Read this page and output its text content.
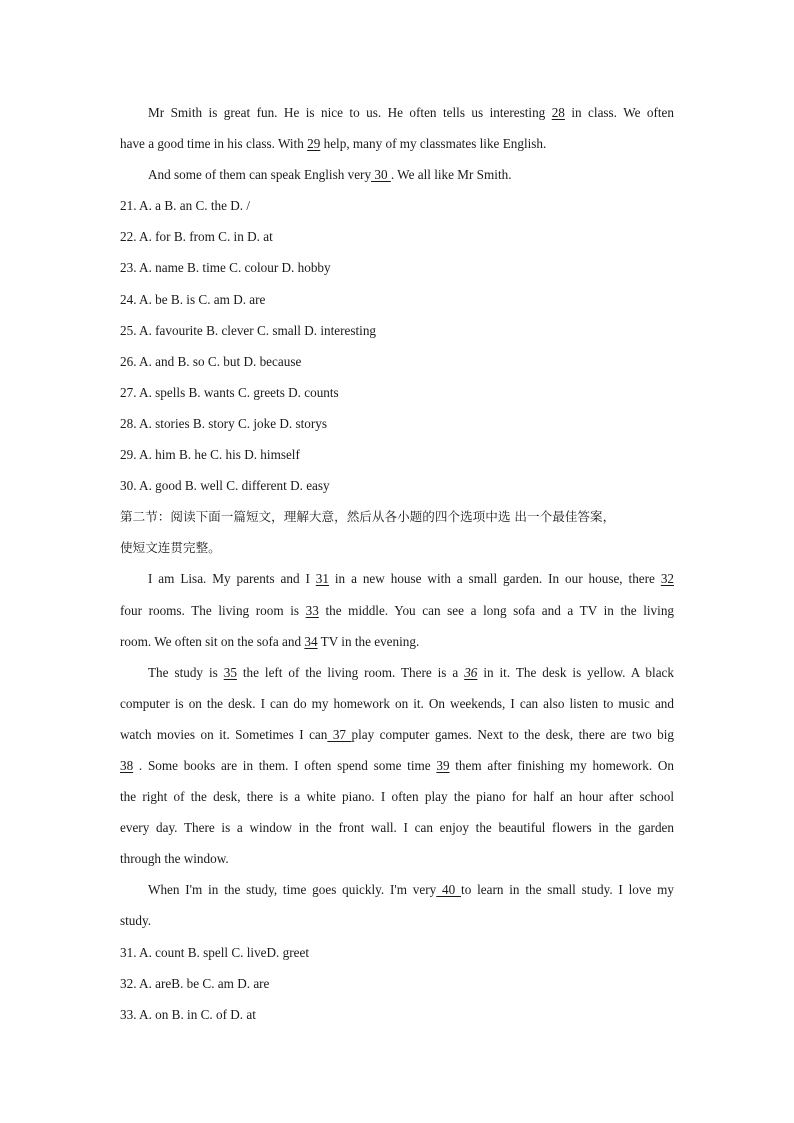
Mr Smith is great fun. He is nice to us. He often tells us interesting 28 in class. We often
have a good time in his class. With 29 help, many of my classmates like English.
And some of them can speak English very 30 . We all like Mr Smith.
21. A. a B. an C. the D. /
22. A. for B. from C. in D. at
23. A. name B. time C. colour D. hobby
24. A. be B. is C. am D. are
25. A. favourite B. clever C. small D. interesting
26. A. and B. so C. but D. because
27. A. spells B. wants C. greets D. counts
28. A. stories B. story C. joke D. storys
29. A. him B. he C. his D. himself
30. A. good B. well C. different D. easy
第二节：阅读下面一篇短文，理解大意，然后从各小题的四个选项中选 出一个最佳答案，
使短文连贯完整。
I am Lisa. My parents and I 31 in a new house with a small garden. In our house, there 32
four rooms. The living room is 33 the middle. You can see a long sofa and a TV in the living
room. We often sit on the sofa and 34 TV in the evening.
The study is 35 the left of the living room. There is a 36 in it. The desk is yellow. A black
computer is on the desk. I can do my homework on it. On weekends, I can also listen to music and
watch movies on it. Sometimes I can 37 play computer games. Next to the desk, there are two big
38 . Some books are in them. I often spend some time 39 them after finishing my homework. On
the right of the desk, there is a white piano. I often play the piano for half an hour after school
every day. There is a window in the front wall. I can enjoy the beautiful flowers in the garden
through the window.
When I'm in the study, time goes quickly. I'm very 40 to learn in the small study. I love my
study.
31. A. count B. spell C. liveD. greet
32. A. areB. be C. am D. are
33. A. on B. in C. of D. at
